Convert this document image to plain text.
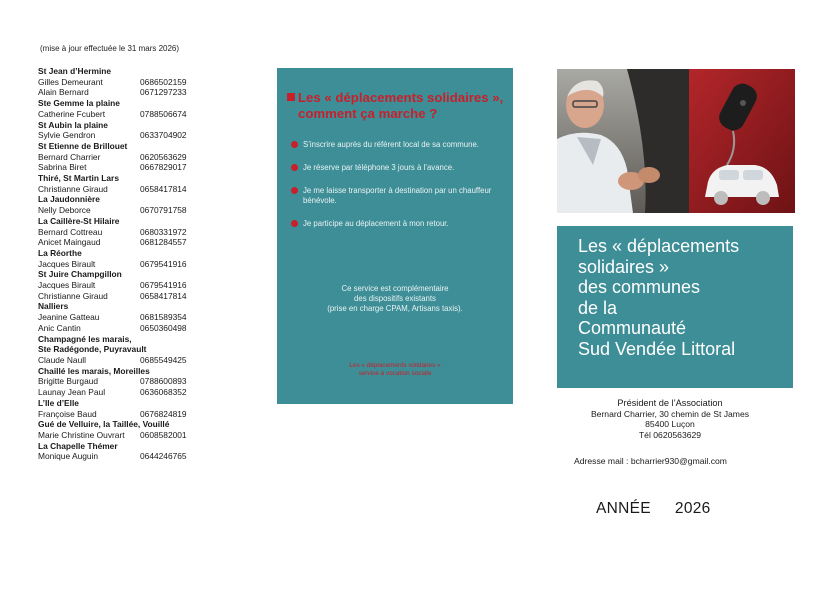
(mise à jour effectuée le 31 mars 2026)
St Jean d’Hermine
Gilles Demeurant	0686502159
Alain Bernard	0671297233
Ste Gemme la plaine
Catherine Fcubert	0788506674
St Aubin la plaine
Sylvie Gendron	0633704902
St Etienne de Brillouet
Bernard Charrier	0620563629
Sabrina Biret	0667829017
Thiré, St Martin Lars
Christianne Giraud	0658417814
La Jaudonnière
Nelly Deborce	0670791758
La Caillère-St Hilaire
Bernard Cottreau	0680331972
Anicet Maingaud	0681284557
La Réorthe
Jacques Birault	0679541916
St Juire Champgillon
Jacques Birault	0679541916
Christianne Giraud	0658417814
Nalliers
Jeanine Gatteau	0681589354
Anic Cantin	0650360498
Champagné les marais,
Ste Radégonde, Puyravault
Claude Naull	0685549425
Chaillé les marais, Moreilles
Brigitte Burgaud	0788600893
Launay Jean Paul	0636068352
L’Ile d’Elle
Françoise Baud	0676824819
Gué de Velluire, la Taillée, Vouillé
Marie Christine Ouvrart	0608582001
La Chapelle Thémer
Monique Auguin	0644246765
Les « déplacements solidaires »,
comment ça marche ?
S’inscrire auprès du référent local de sa commune.
Je réserve par téléphone 3 jours à l’avance.
Je me laisse transporter à destination par un chauffeur bénévole.
Je participe au déplacement à mon retour.
Ce service est complémentaire
des dispositifs existants
(prise en charge CPAM, Artisans taxis).
Les « déplacements solidaires »
service à vocation sociale
Les « déplacements
solidaires »
des communes
de la
Communauté
Sud Vendée Littoral
Président de l’Association
Bernard Charrier, 30 chemin de St James
85400 Luçon
Tél 0620563629
Adresse mail : bcharrier930@gmail.com
ANNÉE 2026
